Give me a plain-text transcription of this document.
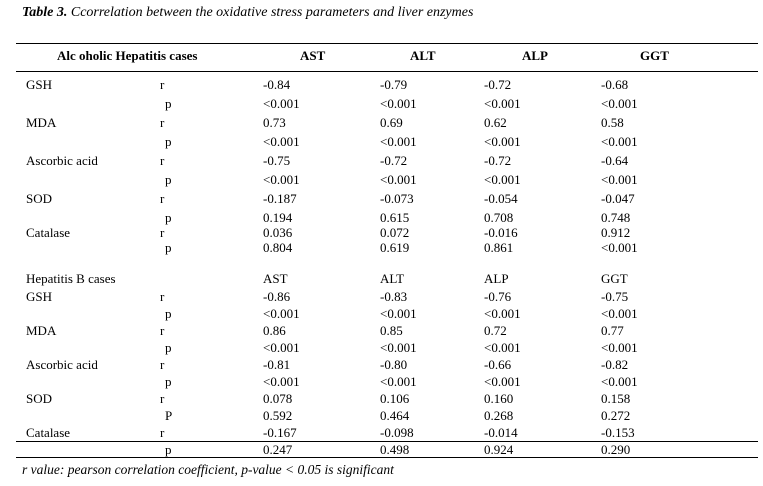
Table 3. Ccorrelation between the oxidative stress parameters and liver enzymes
Alc oholic Hepatitis cases	AST	ALT	ALP	GGT
GSH	r	-0.84	-0.79	-0.72	-0.68
p	<0.001	<0.001	<0.001	<0.001
MDA	r	0.73	0.69	0.62	0.58
p	<0.001	<0.001	<0.001	<0.001
Ascorbic acid	r	-0.75	-0.72	-0.72	-0.64
p	<0.001	<0.001	<0.001	<0.001
SOD	r	-0.187	-0.073	-0.054	-0.047
p	0.194	0.615	0.708	0.748
Catalase	r	0.036	0.072	-0.016	0.912
p	0.804	0.619	0.861	<0.001
Hepatitis B cases	AST	ALT	ALP	GGT
GSH	r	-0.86	-0.83	-0.76	-0.75
p	<0.001	<0.001	<0.001	<0.001
MDA	r	0.86	0.85	0.72	0.77
p	<0.001	<0.001	<0.001	<0.001
Ascorbic acid	r	-0.81	-0.80	-0.66	-0.82
p	<0.001	<0.001	<0.001	<0.001
SOD	r	0.078	0.106	0.160	0.158
P	0.592	0.464	0.268	0.272
Catalase	r	-0.167	-0.098	-0.014	-0.153
p	0.247	0.498	0.924	0.290
r value: pearson correlation coefficient, p-value < 0.05 is significant
